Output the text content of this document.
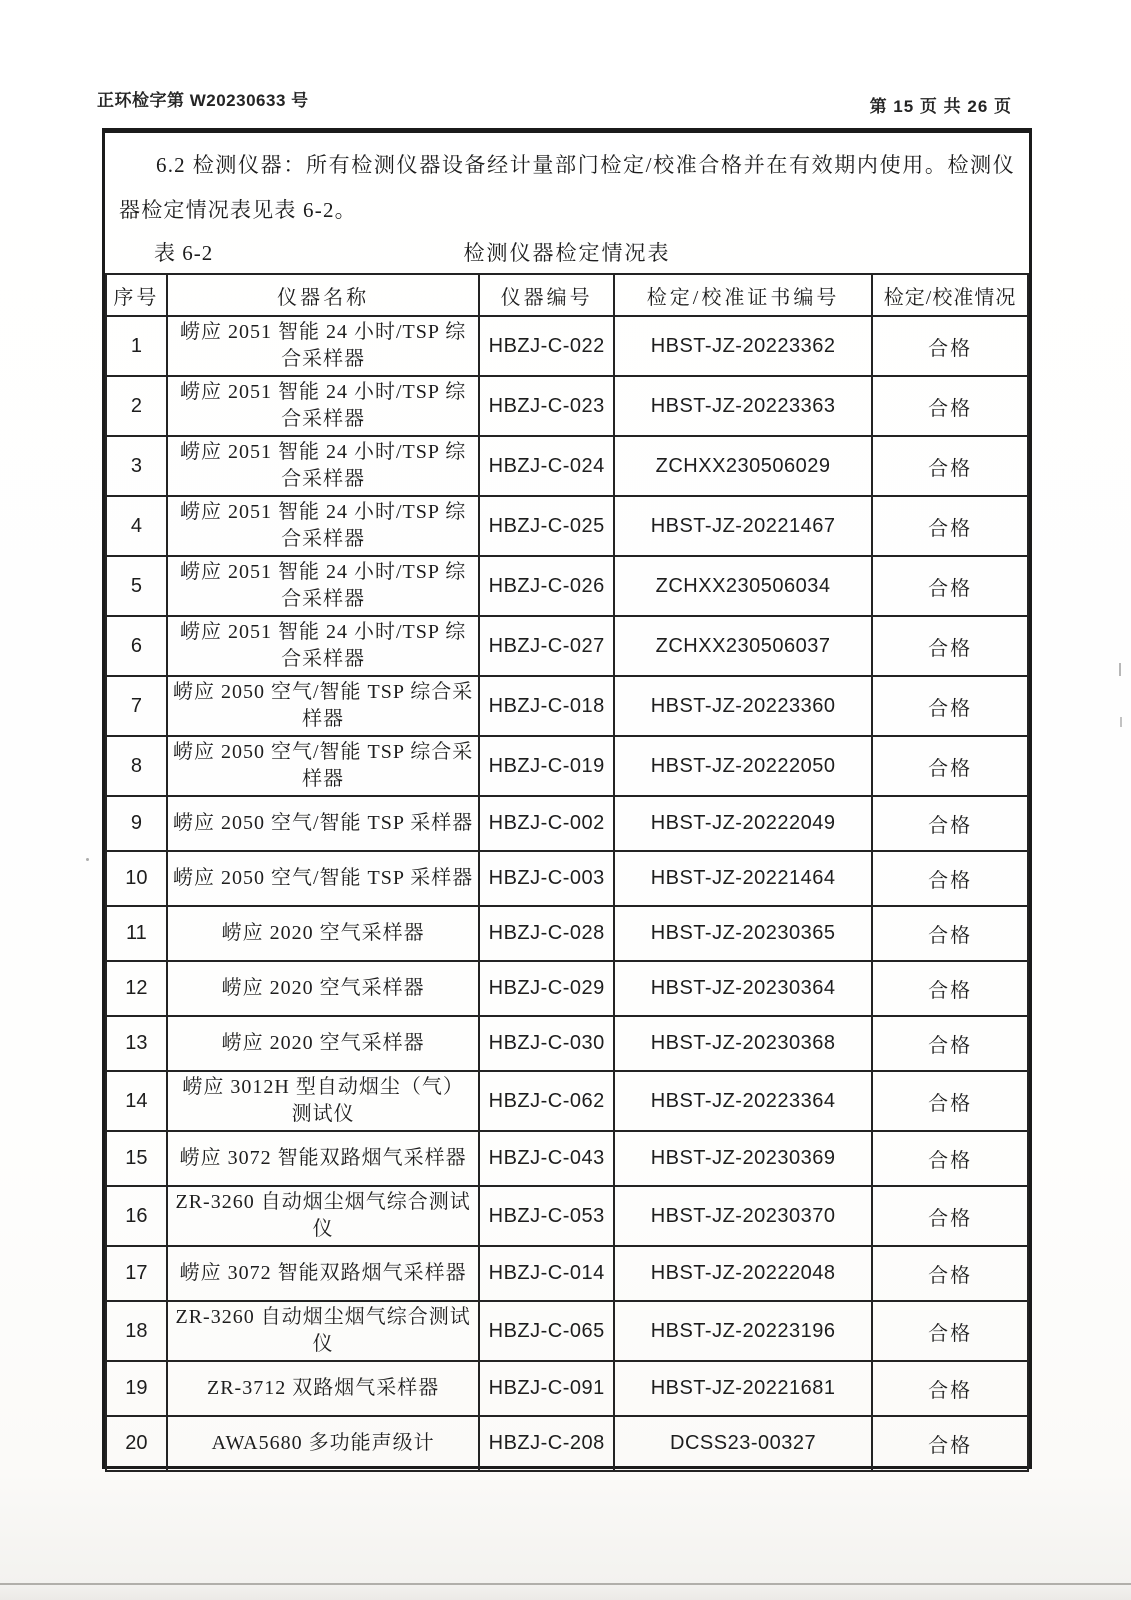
正环检字第 W20230633 号	第 15 页 共 26 页

6.2 检测仪器：所有检测仪器设备经计量部门检定/校准合格并在有效期内使用。检测仪器检定情况表见表 6-2。

检测仪器检定情况表
表 6-2
序号	仪器名称	仪器编号	检定/校准证书编号	检定/校准情况
1	崂应 2051 智能 24 小时/TSP 综合采样器	HBZJ-C-022	HBST-JZ-20223362	合格
2	崂应 2051 智能 24 小时/TSP 综合采样器	HBZJ-C-023	HBST-JZ-20223363	合格
3	崂应 2051 智能 24 小时/TSP 综合采样器	HBZJ-C-024	ZCHXX230506029	合格
4	崂应 2051 智能 24 小时/TSP 综合采样器	HBZJ-C-025	HBST-JZ-20221467	合格
5	崂应 2051 智能 24 小时/TSP 综合采样器	HBZJ-C-026	ZCHXX230506034	合格
6	崂应 2051 智能 24 小时/TSP 综合采样器	HBZJ-C-027	ZCHXX230506037	合格
7	崂应 2050 空气/智能 TSP 综合采样器	HBZJ-C-018	HBST-JZ-20223360	合格
8	崂应 2050 空气/智能 TSP 综合采样器	HBZJ-C-019	HBST-JZ-20222050	合格
9	崂应 2050 空气/智能 TSP 采样器	HBZJ-C-002	HBST-JZ-20222049	合格
10	崂应 2050 空气/智能 TSP 采样器	HBZJ-C-003	HBST-JZ-20221464	合格
11	崂应 2020 空气采样器	HBZJ-C-028	HBST-JZ-20230365	合格
12	崂应 2020 空气采样器	HBZJ-C-029	HBST-JZ-20230364	合格
13	崂应 2020 空气采样器	HBZJ-C-030	HBST-JZ-20230368	合格
14	崂应 3012H 型自动烟尘（气）测试仪	HBZJ-C-062	HBST-JZ-20223364	合格
15	崂应 3072 智能双路烟气采样器	HBZJ-C-043	HBST-JZ-20230369	合格
16	ZR-3260 自动烟尘烟气综合测试仪	HBZJ-C-053	HBST-JZ-20230370	合格
17	崂应 3072 智能双路烟气采样器	HBZJ-C-014	HBST-JZ-20222048	合格
18	ZR-3260 自动烟尘烟气综合测试仪	HBZJ-C-065	HBST-JZ-20223196	合格
19	ZR-3712 双路烟气采样器	HBZJ-C-091	HBST-JZ-20221681	合格
20	AWA5680 多功能声级计	HBZJ-C-208	DCSS23-00327	合格
